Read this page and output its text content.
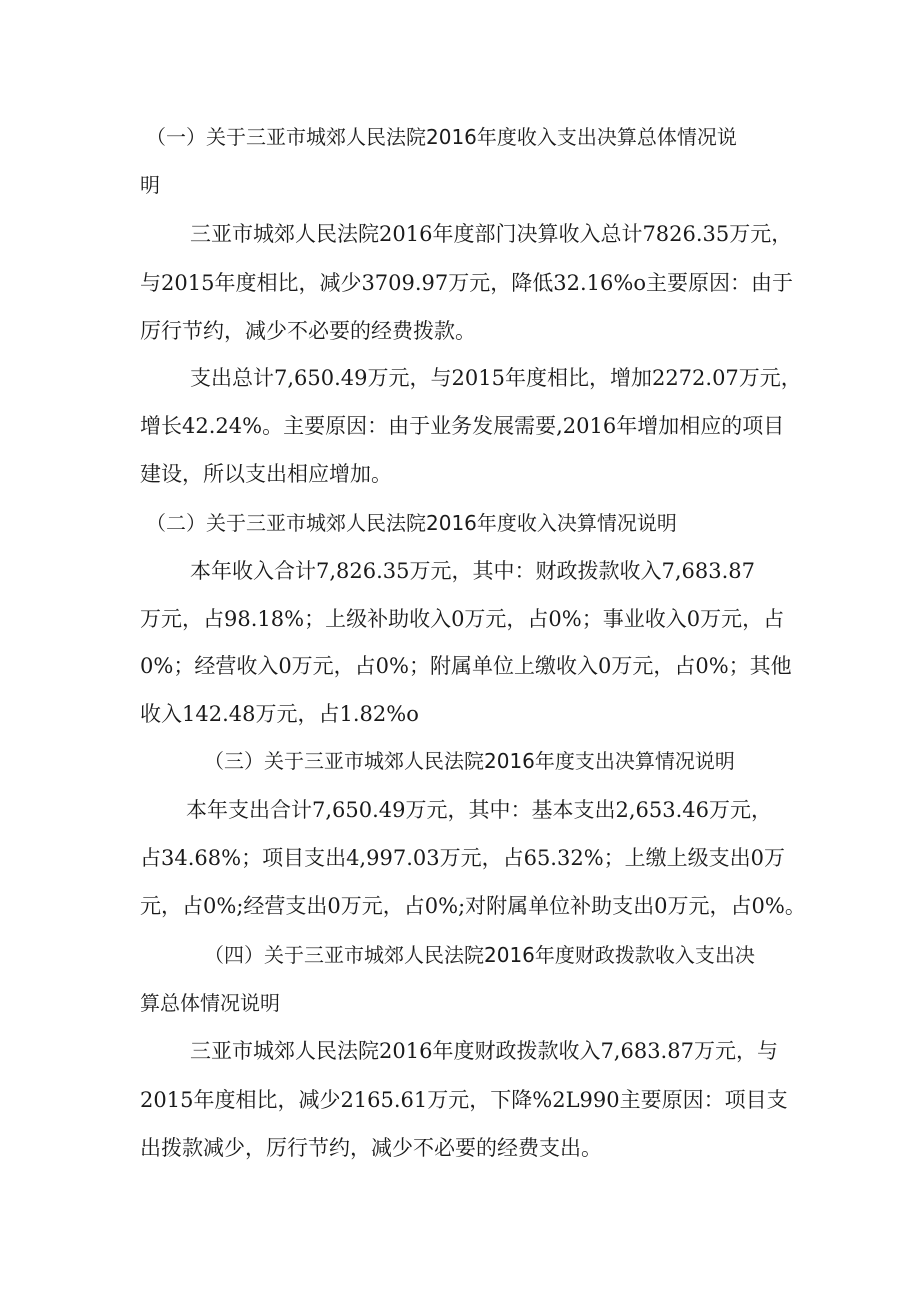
（一）关于三亚市城郊人民法院2016年度收入支出决算总体情况说
明
三亚市城郊人民法院2016年度部门决算收入总计7826.35万元，
与2015年度相比，减少3709.97万元，降低32.16%o主要原因：由于
厉行节约，减少不必要的经费拨款。
支出总计7,650.49万元，与2015年度相比，增加2272.07万元，
增长42.24%。主要原因：由于业务发展需要,2016年增加相应的项目
建设，所以支出相应增加。
（二）关于三亚市城郊人民法院2016年度收入决算情况说明
本年收入合计7,826.35万元，其中：财政拨款收入7,683.87
万元，占98.18%；上级补助收入0万元，占0%；事业收入0万元，占
0%；经营收入0万元，占0%；附属单位上缴收入0万元，占0%；其他
收入142.48万元，占1.82%o
（三）关于三亚市城郊人民法院2016年度支出决算情况说明
本年支出合计7,650.49万元，其中：基本支出2,653.46万元，
占34.68%；项目支出4,997.03万元，占65.32%；上缴上级支出0万
元，占0%;经营支出0万元，占0%;对附属单位补助支出0万元，占0%。
（四）关于三亚市城郊人民法院2016年度财政拨款收入支出决
算总体情况说明
三亚市城郊人民法院2016年度财政拨款收入7,683.87万元，与
2015年度相比，减少2165.61万元，下降%2L990主要原因：项目支
出拨款减少，厉行节约，减少不必要的经费支出。
